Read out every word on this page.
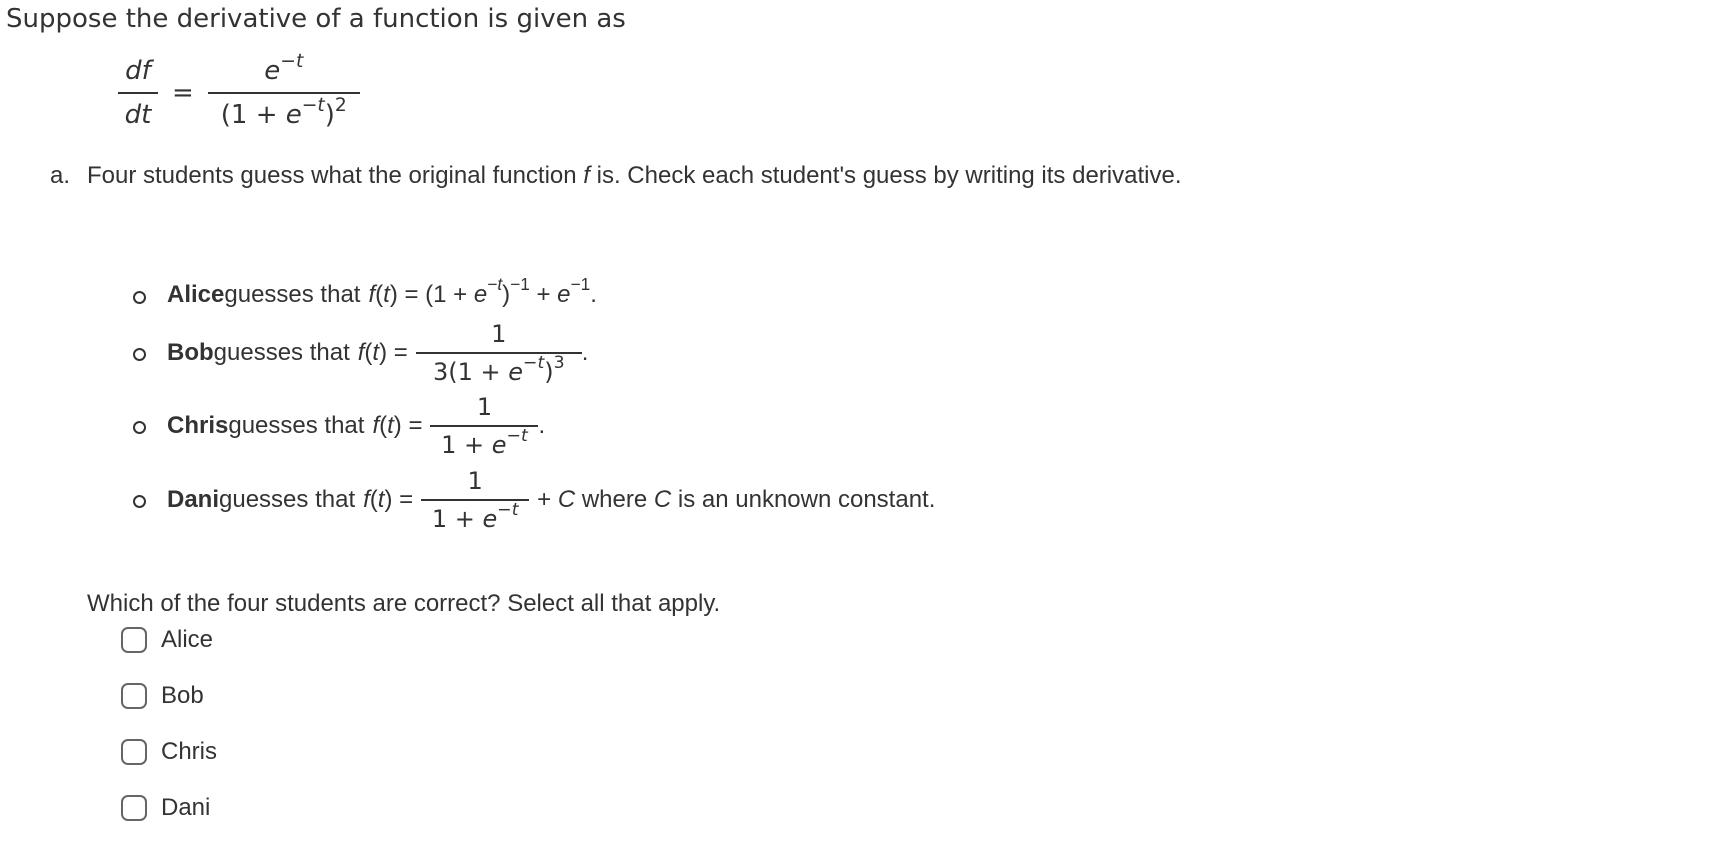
Suppose the derivative of a function is given as
$\frac{df}{dt} = \frac{e^{-t}}{(1 + e^{-t})^2}$
a. Four students guess what the original function f is. Check each student's guess by writing its derivative.
Alice guesses that $f(t) = (1 + e^{-t})^{-1} + e^{-1}$.
Bob guesses that $f(t) = \frac{1}{3(1 + e^{-t})^3}$ .
Chris guesses that $f(t) = \frac{1}{1 + e^{-t}}$ .
Dani guesses that $f(t) = \frac{1}{1 + e^{-t}} + C$ where C is an unknown constant.
Which of the four students are correct? Select all that apply.
Alice
Bob
Chris
Dani
